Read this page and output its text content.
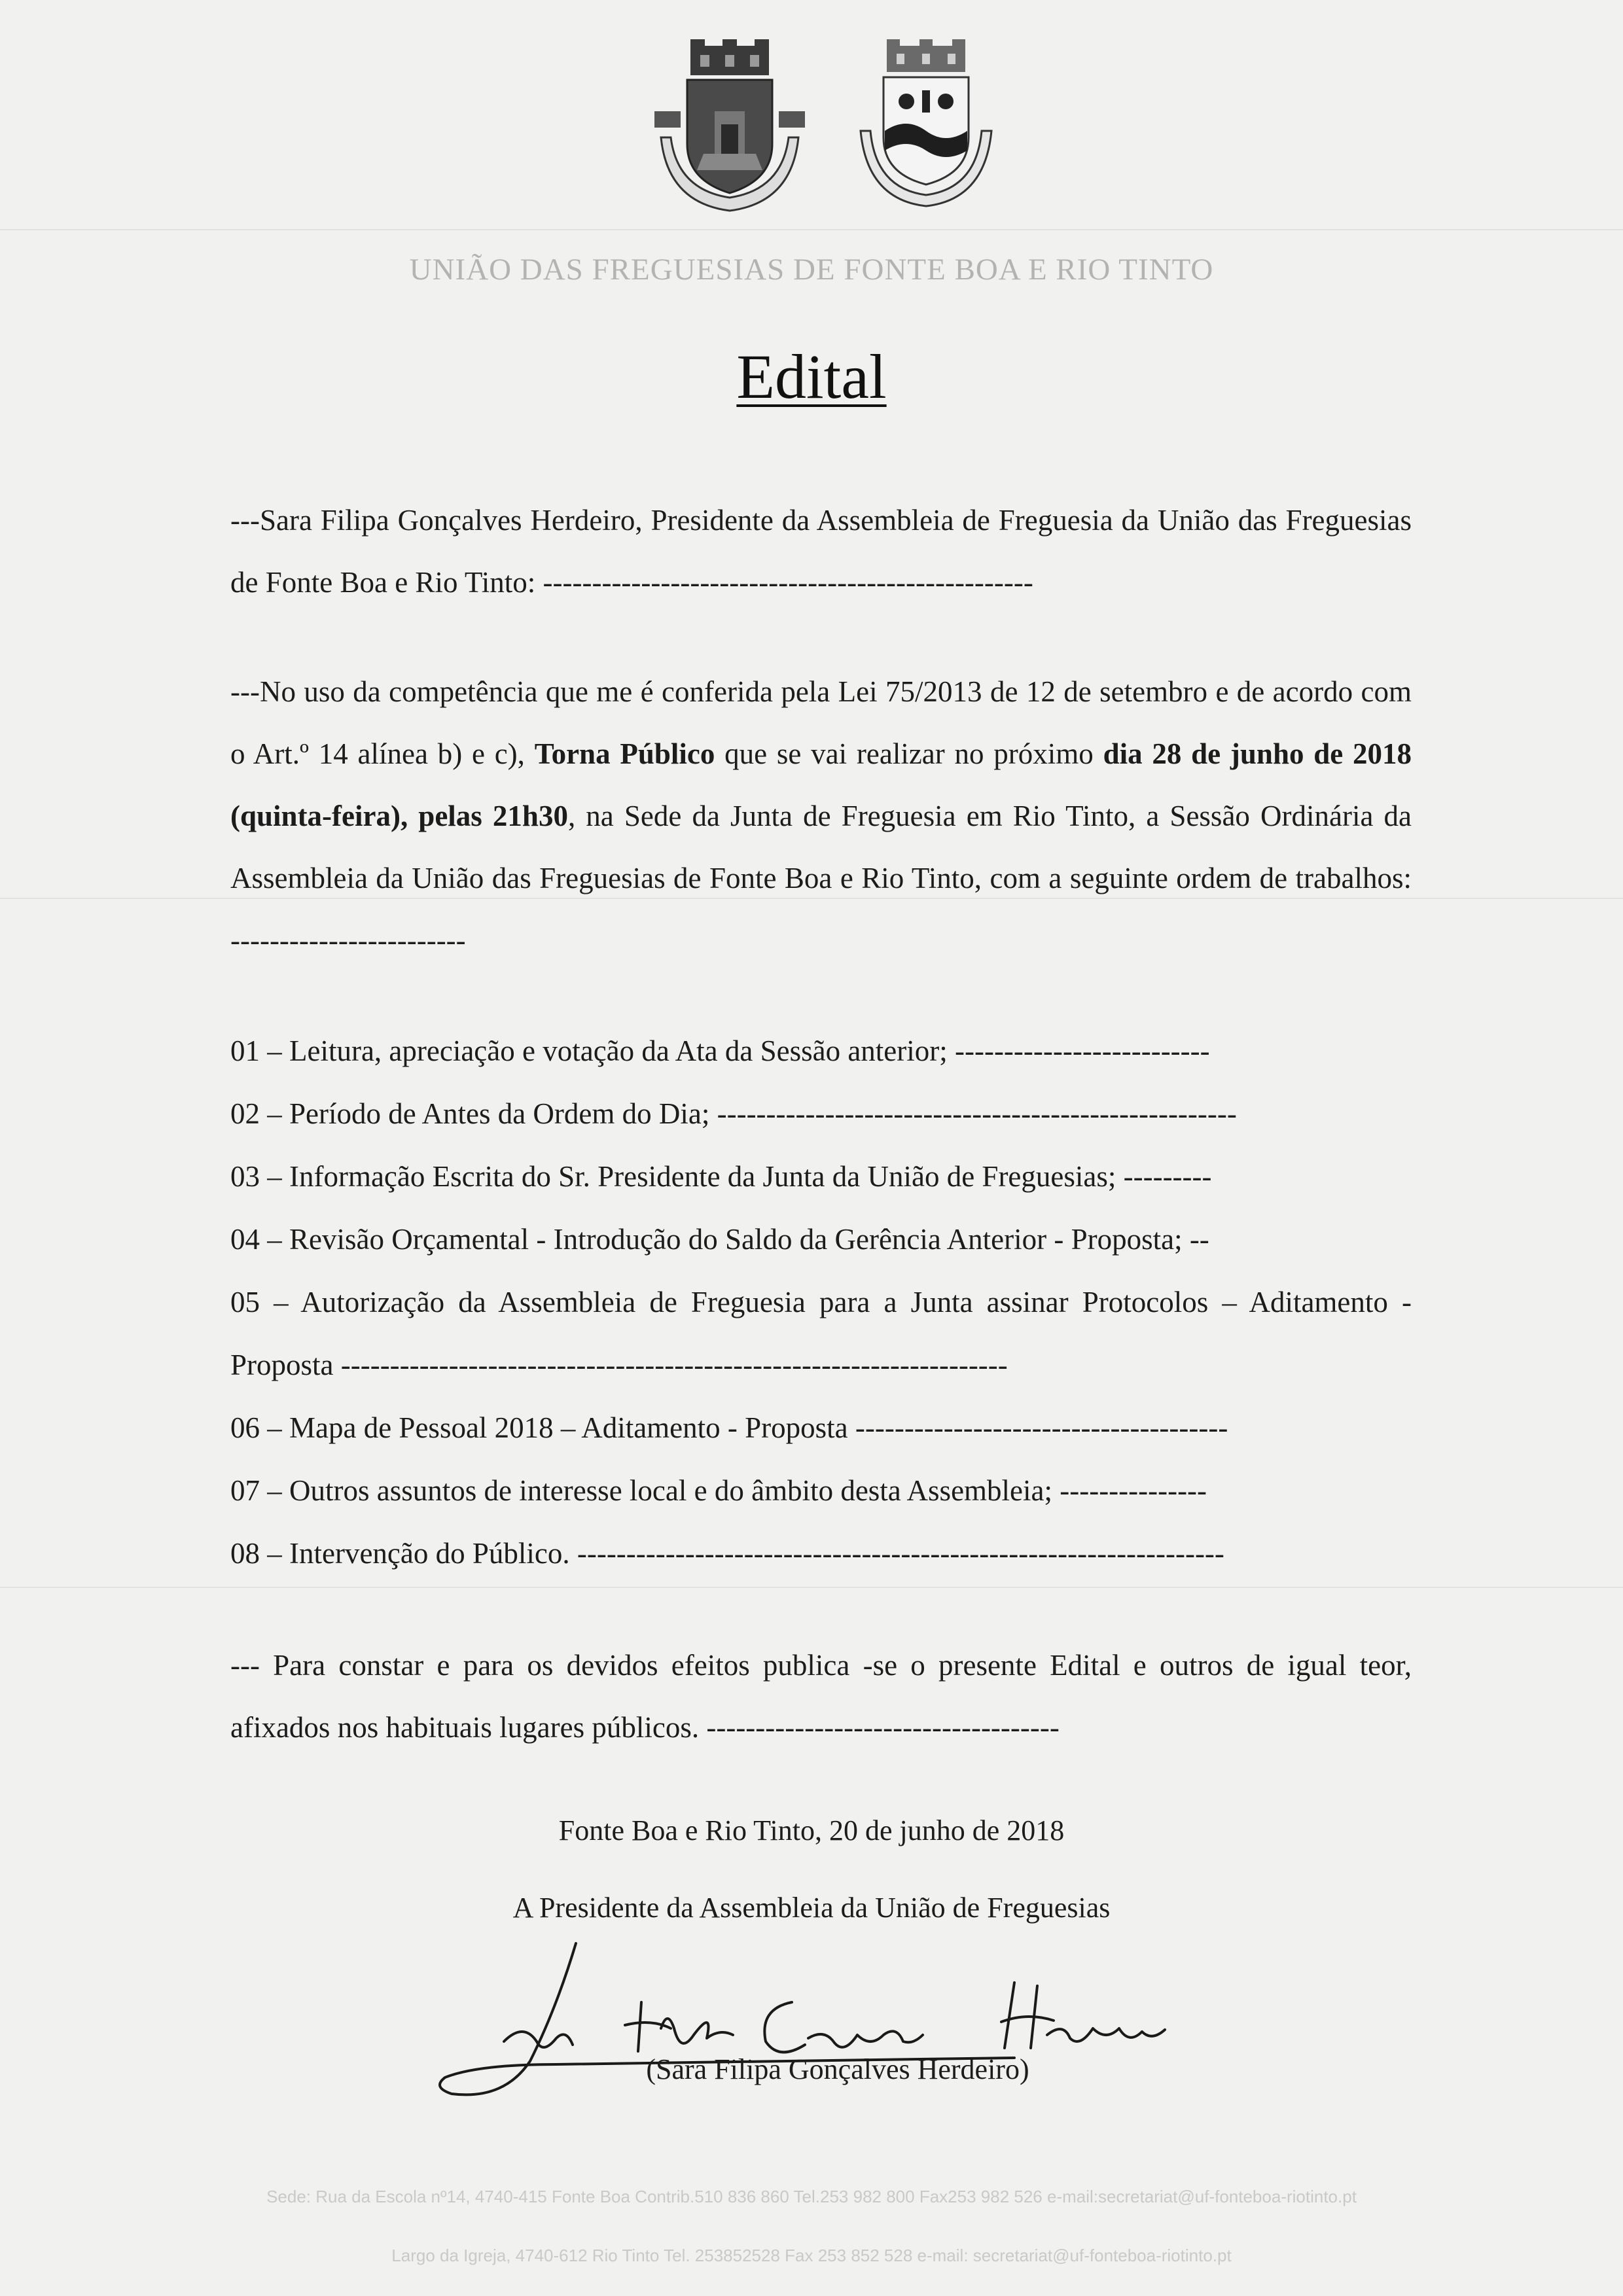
UNIÃO DAS FREGUESIAS DE FONTE BOA E RIO TINTO
Edital
---Sara Filipa Gonçalves Herdeiro, Presidente da Assembleia de Freguesia da União das Freguesias de Fonte Boa e Rio Tinto: --------------------------------------------------
---No uso da competência que me é conferida pela Lei 75/2013 de 12 de setembro e de acordo com o Art.º 14 alínea b) e c), Torna Público que se vai realizar no próximo dia 28 de junho de 2018 (quinta-feira), pelas 21h30, na Sede da Junta de Freguesia em Rio Tinto, a Sessão Ordinária da Assembleia da União das Freguesias de Fonte Boa e Rio Tinto, com a seguinte ordem de trabalhos: ------------------------
01 – Leitura, apreciação e votação da Ata da Sessão anterior; --------------------------
02 – Período de Antes da Ordem do Dia; -----------------------------------------------------
03 – Informação Escrita do Sr. Presidente da Junta da União de Freguesias; ---------
04 – Revisão Orçamental - Introdução do Saldo da Gerência Anterior - Proposta; --
05 – Autorização da Assembleia de Freguesia para a Junta assinar Protocolos – Aditamento - Proposta --------------------------------------------------------------------
06 – Mapa de Pessoal 2018 – Aditamento - Proposta --------------------------------------
07 – Outros assuntos de interesse local e do âmbito desta Assembleia; ---------------
08 – Intervenção do Público. ------------------------------------------------------------------
--- Para constar e para os devidos efeitos publica -se o presente Edital e outros de igual teor, afixados nos habituais lugares públicos. ------------------------------------
Fonte Boa e Rio Tinto, 20 de junho de 2018
A Presidente da Assembleia da União de Freguesias
(Sara Filipa Gonçalves Herdeiro)
Sede: Rua da Escola nº14, 4740-415 Fonte Boa Contrib.510 836 860 Tel.253 982 800 Fax253 982 526 e-mail:secretariat@uf-fonteboa-riotinto.pt
Largo da Igreja, 4740-612 Rio Tinto Tel. 253852528 Fax 253 852 528 e-mail: secretariat@uf-fonteboa-riotinto.pt
